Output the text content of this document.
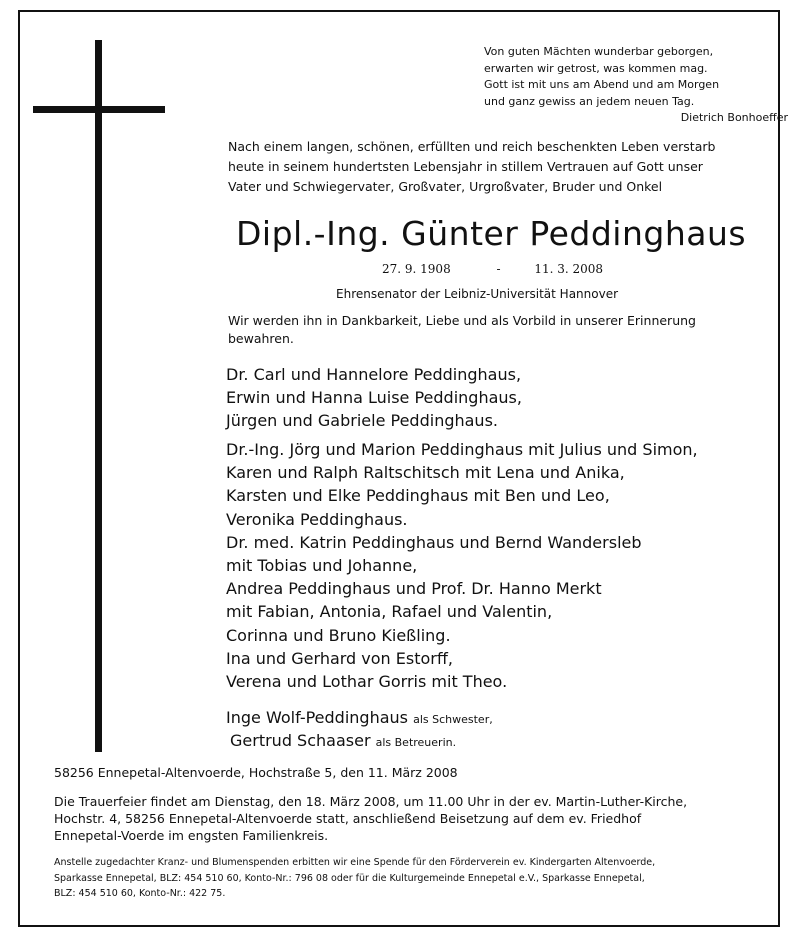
Von guten Mächten wunderbar geborgen,
erwarten wir getrost, was kommen mag.
Gott ist mit uns am Abend und am Morgen
und ganz gewiss an jedem neuen Tag.
Dietrich Bonhoeffer
Nach einem langen, schönen, erfüllten und reich beschenkten Leben verstarb
heute in seinem hundertsten Lebensjahr in stillem Vertrauen auf Gott unser
Vater und Schwiegervater, Großvater, Urgroßvater, Bruder und Onkel
Dipl.-Ing. Günter Peddinghaus
27. 9. 1908	-	11. 3. 2008
Ehrensenator der Leibniz-Universität Hannover
Wir werden ihn in Dankbarkeit, Liebe und als Vorbild in unserer Erinnerung
bewahren.
Dr. Carl und Hannelore Peddinghaus,
Erwin und Hanna Luise Peddinghaus,
Jürgen und Gabriele Peddinghaus.
Dr.-Ing. Jörg und Marion Peddinghaus mit Julius und Simon,
Karen und Ralph Raltschitsch mit Lena und Anika,
Karsten und Elke Peddinghaus mit Ben und Leo,
Veronika Peddinghaus.
Dr. med. Katrin Peddinghaus und Bernd Wandersleb
mit Tobias und Johanne,
Andrea Peddinghaus und Prof. Dr. Hanno Merkt
mit Fabian, Antonia, Rafael und Valentin,
Corinna und Bruno Kießling.
Ina und Gerhard von Estorff,
Verena und Lothar Gorris mit Theo.
Inge Wolf-Peddinghaus als Schwester,
Gertrud Schaaser als Betreuerin.
58256 Ennepetal-Altenvoerde, Hochstraße 5, den 11. März 2008
Die Trauerfeier findet am Dienstag, den 18. März 2008, um 11.00 Uhr in der ev. Martin-Luther-Kirche,
Hochstr. 4, 58256 Ennepetal-Altenvoerde statt, anschließend Beisetzung auf dem ev. Friedhof
Ennepetal-Voerde im engsten Familienkreis.
Anstelle zugedachter Kranz- und Blumenspenden erbitten wir eine Spende für den Förderverein ev. Kindergarten Altenvoerde,
Sparkasse Ennepetal, BLZ: 454 510 60, Konto-Nr.: 796 08 oder für die Kulturgemeinde Ennepetal e.V., Sparkasse Ennepetal,
BLZ: 454 510 60, Konto-Nr.: 422 75.
